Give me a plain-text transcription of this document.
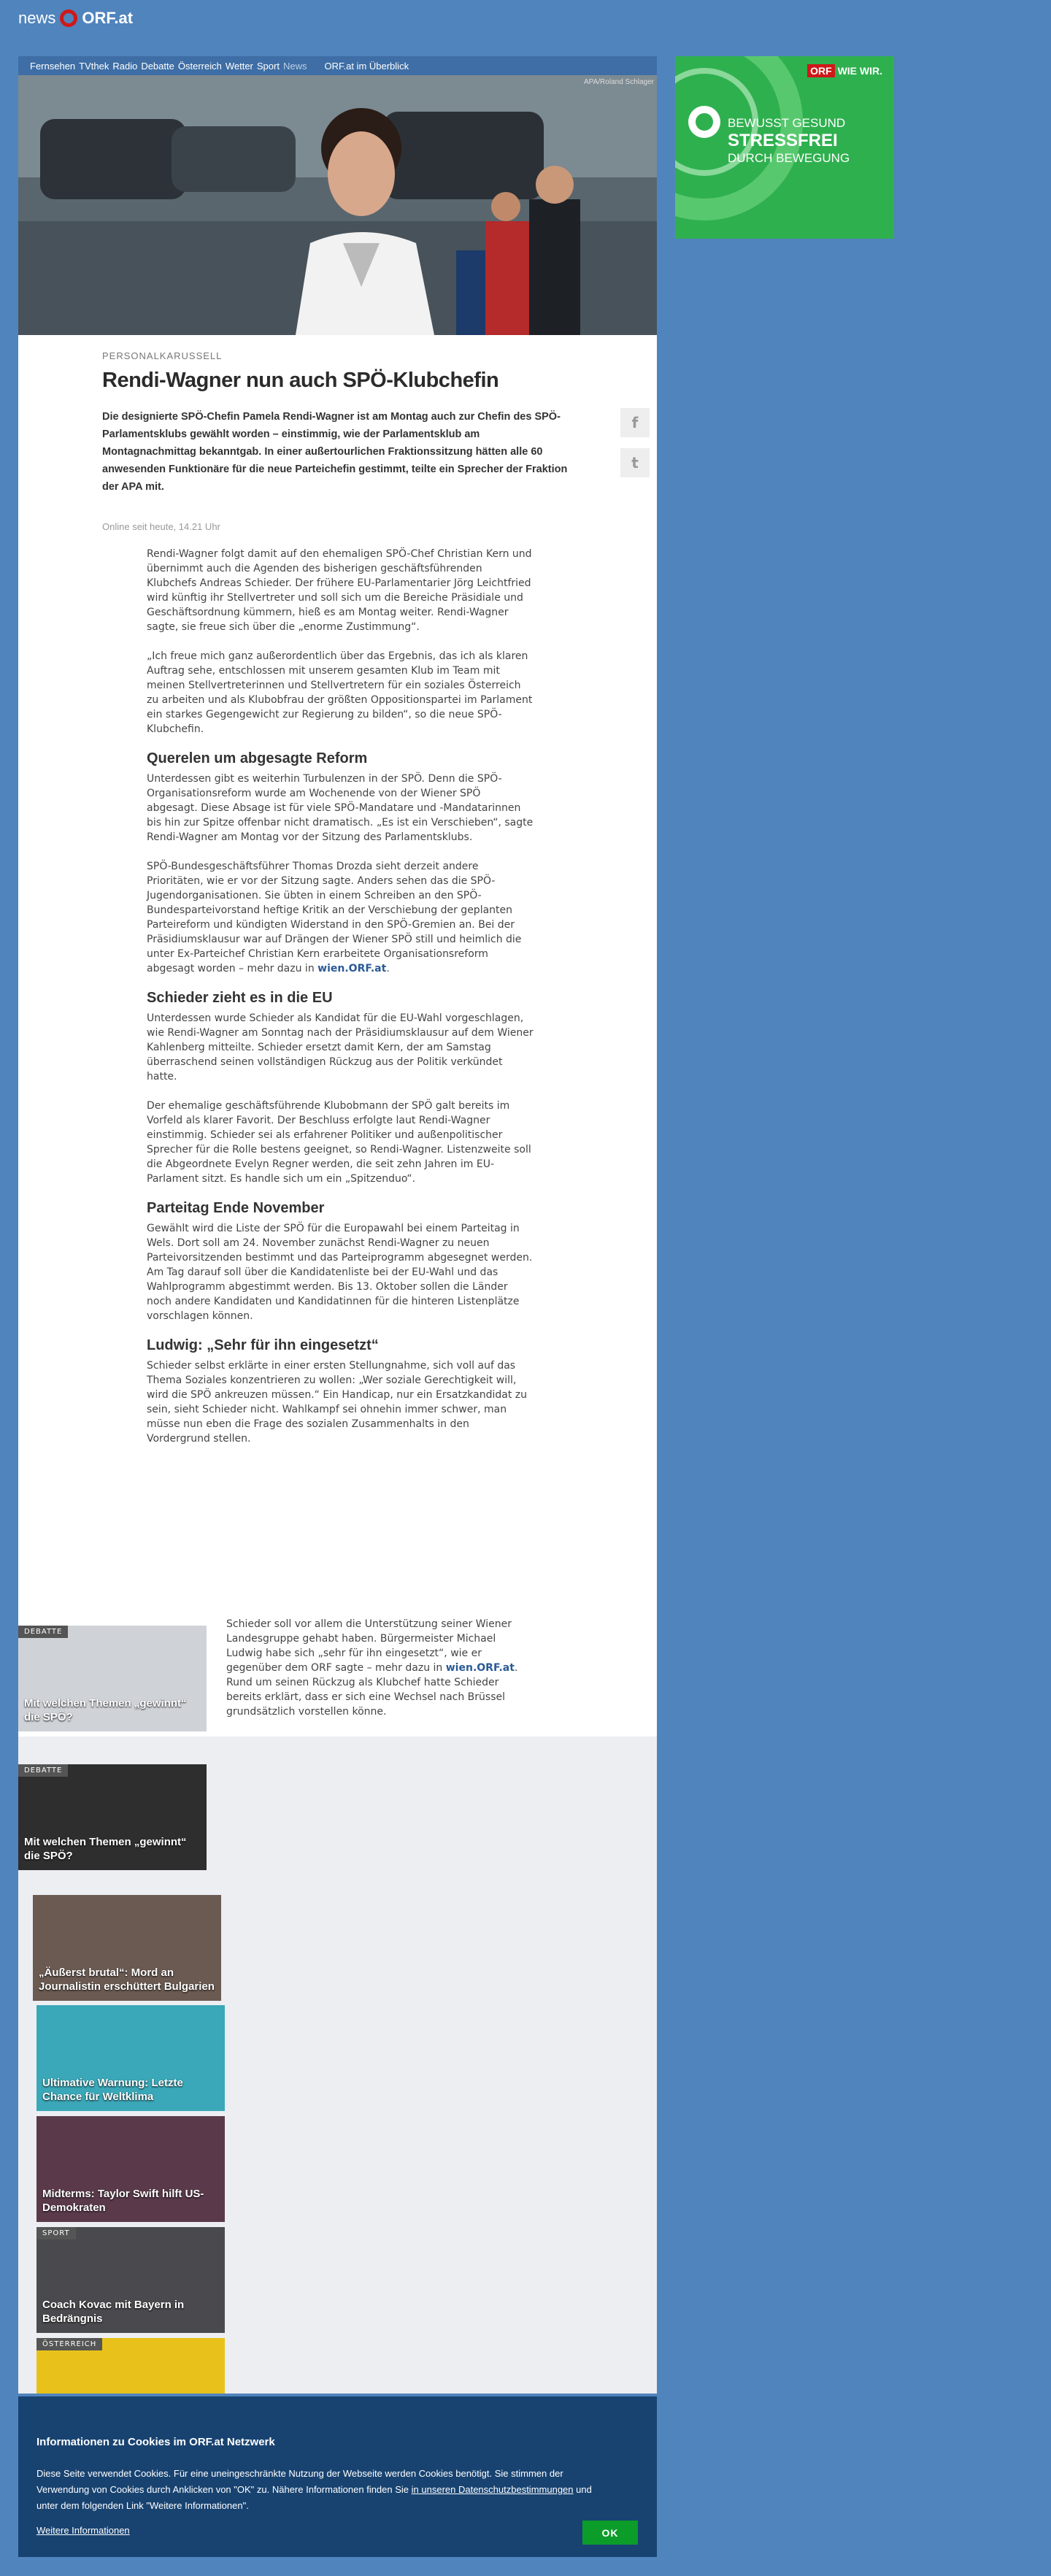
news ORF.at
Fernsehen TVthek Radio Debatte Österreich Wetter Sport News ORF.at im Überblick
APA/Roland Schlager
PERSONALKARUSSELL
Rendi-Wagner nun auch SPÖ-Klubchefin

Die designierte SPÖ-Chefin Pamela Rendi-Wagner ist am Montag auch zur Chefin des SPÖ-Parlamentsklubs gewählt worden – einstimmig, wie der Parlamentsklub am Montagnachmittag bekanntgab. In einer außertourlichen Fraktionssitzung hätten alle 60 anwesenden Funktionäre für die neue Parteichefin gestimmt, teilte ein Sprecher der Fraktion der APA mit.

Online seit heute, 14.21 Uhr
f
t

Rendi-Wagner folgt damit auf den ehemaligen SPÖ-Chef Christian Kern und übernimmt auch die Agenden des bisherigen geschäftsführenden Klubchefs Andreas Schieder. Der frühere EU-Parlamentarier Jörg Leichtfried wird künftig ihr Stellvertreter und soll sich um die Bereiche Präsidiale und Geschäftsordnung kümmern, hieß es am Montag weiter. Rendi-Wagner sagte, sie freue sich über die „enorme Zustimmung“.

„Ich freue mich ganz außerordentlich über das Ergebnis, das ich als klaren Auftrag sehe, entschlossen mit unserem gesamten Klub im Team mit meinen Stellvertreterinnen und Stellvertretern für ein soziales Österreich zu arbeiten und als Klubobfrau der größten Oppositionspartei im Parlament ein starkes Gegengewicht zur Regierung zu bilden“, so die neue SPÖ-Klubchefin.

Querelen um abgesagte Reform

Unterdessen gibt es weiterhin Turbulenzen in der SPÖ. Denn die SPÖ-Organisationsreform wurde am Wochenende von der Wiener SPÖ abgesagt. Diese Absage ist für viele SPÖ-Mandatare und -Mandatarinnen bis hin zur Spitze offenbar nicht dramatisch. „Es ist ein Verschieben“, sagte Rendi-Wagner am Montag vor der Sitzung des Parlamentsklubs.

SPÖ-Bundesgeschäftsführer Thomas Drozda sieht derzeit andere Prioritäten, wie er vor der Sitzung sagte. Anders sehen das die SPÖ-Jugendorganisationen. Sie übten in einem Schreiben an den SPÖ-Bundesparteivorstand heftige Kritik an der Verschiebung der geplanten Parteireform und kündigten Widerstand in den SPÖ-Gremien an. Bei der Präsidiumsklausur war auf Drängen der Wiener SPÖ still und heimlich die unter Ex-Parteichef Christian Kern erarbeitete Organisationsreform abgesagt worden – mehr dazu in wien.ORF.at.

Schieder zieht es in die EU

Unterdessen wurde Schieder als Kandidat für die EU-Wahl vorgeschlagen, wie Rendi-Wagner am Sonntag nach der Präsidiumsklausur auf dem Wiener Kahlenberg mitteilte. Schieder ersetzt damit Kern, der am Samstag überraschend seinen vollständigen Rückzug aus der Politik verkündet hatte.

Der ehemalige geschäftsführende Klubobmann der SPÖ galt bereits im Vorfeld als klarer Favorit. Der Beschluss erfolgte laut Rendi-Wagner einstimmig. Schieder sei als erfahrener Politiker und außenpolitischer Sprecher für die Rolle bestens geeignet, so Rendi-Wagner. Listenzweite soll die Abgeordnete Evelyn Regner werden, die seit zehn Jahren im EU-Parlament sitzt. Es handle sich um ein „Spitzenduo“.

Parteitag Ende November

Gewählt wird die Liste der SPÖ für die Europawahl bei einem Parteitag in Wels. Dort soll am 24. November zunächst Rendi-Wagner zu neuen Parteivorsitzenden bestimmt und das Parteiprogramm abgesegnet werden. Am Tag darauf soll über die Kandidatenliste bei der EU-Wahl und das Wahlprogramm abgestimmt werden. Bis 13. Oktober sollen die Länder noch andere Kandidaten und Kandidatinnen für die hinteren Listenplätze vorschlagen können.

Ludwig: „Sehr für ihn eingesetzt“

Schieder selbst erklärte in einer ersten Stellungnahme, sich voll auf das Thema Soziales konzentrieren zu wollen: „Wer soziale Gerechtigkeit will, wird die SPÖ ankreuzen müssen.“ Ein Handicap, nur ein Ersatzkandidat zu sein, sieht Schieder nicht. Wahlkampf sei ohnehin immer schwer, man müsse nun eben die Frage des sozialen Zusammenhalts in den Vordergrund stellen.

DEBATTE
Mit welchen Themen „gewinnt“ die SPÖ?
Schieder soll vor allem die Unterstützung seiner Wiener Landesgruppe gehabt haben. Bürgermeister Michael Ludwig habe sich „sehr für ihn eingesetzt“, wie er gegenüber dem ORF sagte – mehr dazu in wien.ORF.at. Rund um seinen Rückzug als Klubchef hatte Schieder bereits erklärt, dass er sich eine Wechsel nach Brüssel grundsätzlich vorstellen könne.
DEBATTE
Mit welchen Themen „gewinnt“ die SPÖ?
„Äußerst brutal“: Mord an Journalistin erschüttert Bulgarien
Ultimative Warnung: Letzte Chance für Weltklima
Midterms: Taylor Swift hilft US-Demokraten
SPORT
Coach Kovac mit Bayern in Bedrängnis
ÖSTERREICH
ORF WIE WIR.
BEWUSST GESUND
STRESSFREI
DURCH BEWEGUNG
Informationen zu Cookies im ORF.at Netzwerk

Diese Seite verwendet Cookies. Für eine uneingeschränkte Nutzung der Webseite werden Cookies benötigt. Sie stimmen der Verwendung von Cookies durch Anklicken von "OK" zu. Nähere Informationen finden Sie in unseren Datenschutzbestimmungen und unter dem folgenden Link "Weitere Informationen".

Weitere Informationen	OK
